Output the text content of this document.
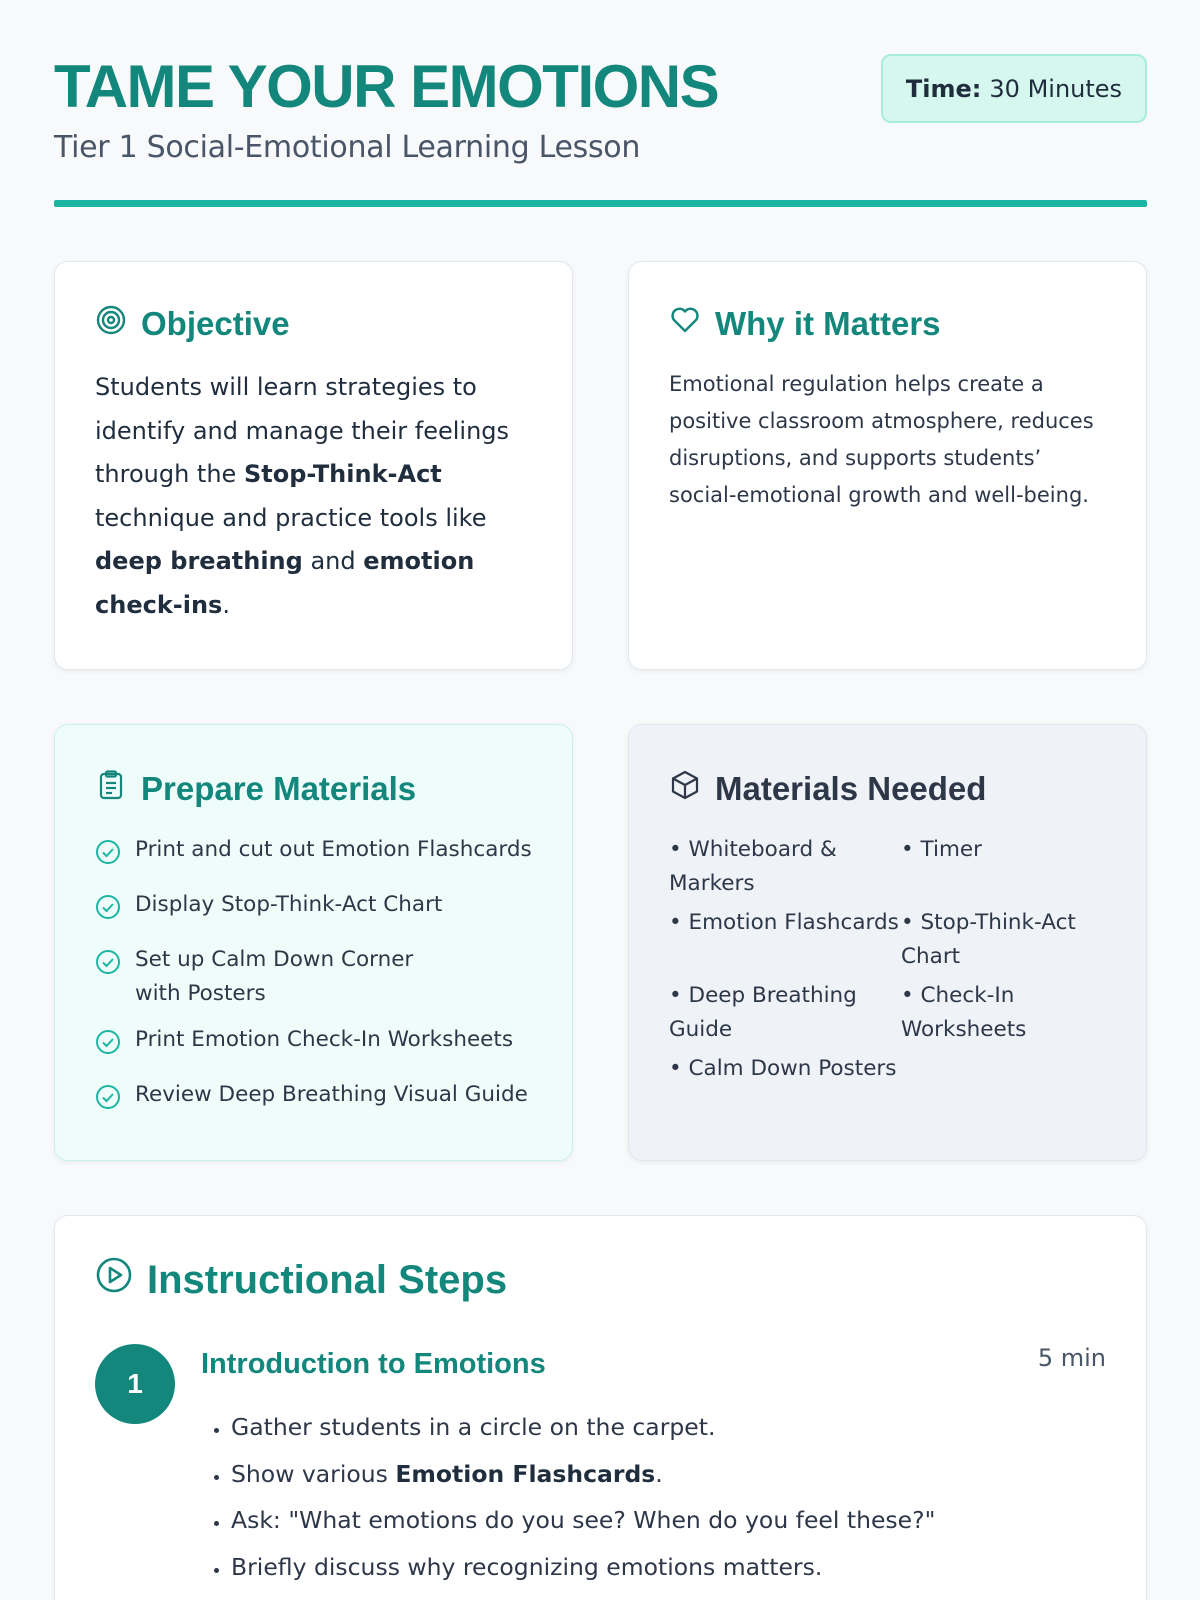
TAME YOUR EMOTIONS
Tier 1 Social-Emotional Learning Lesson
Time: 30 Minutes
Objective

Students will learn strategies to identify and manage their feelings through the Stop-Think-Act technique and practice tools like deep breathing and emotion check-ins.

Why it Matters

Emotional regulation helps create a positive classroom atmosphere, reduces disruptions, and supports students’ social-emotional growth and well-being.

Prepare Materials
Print and cut out Emotion Flashcards
Display Stop-Think-Act Chart
Set up Calm Down Corner with Posters
Print Emotion Check-In Worksheets
Review Deep Breathing Visual Guide
Materials Needed
• Whiteboard & Markers
• Timer
• Emotion Flashcards • Stop-Think-Act Chart
• Deep Breathing Guide
• Check-In Worksheets
• Calm Down Posters
Instructional Steps
1
Introduction to Emotions	5 min
• Gather students in a circle on the carpet.
• Show various Emotion Flashcards.
• Ask: "What emotions do you see? When do you feel these?"
• Briefly discuss why recognizing emotions matters.
